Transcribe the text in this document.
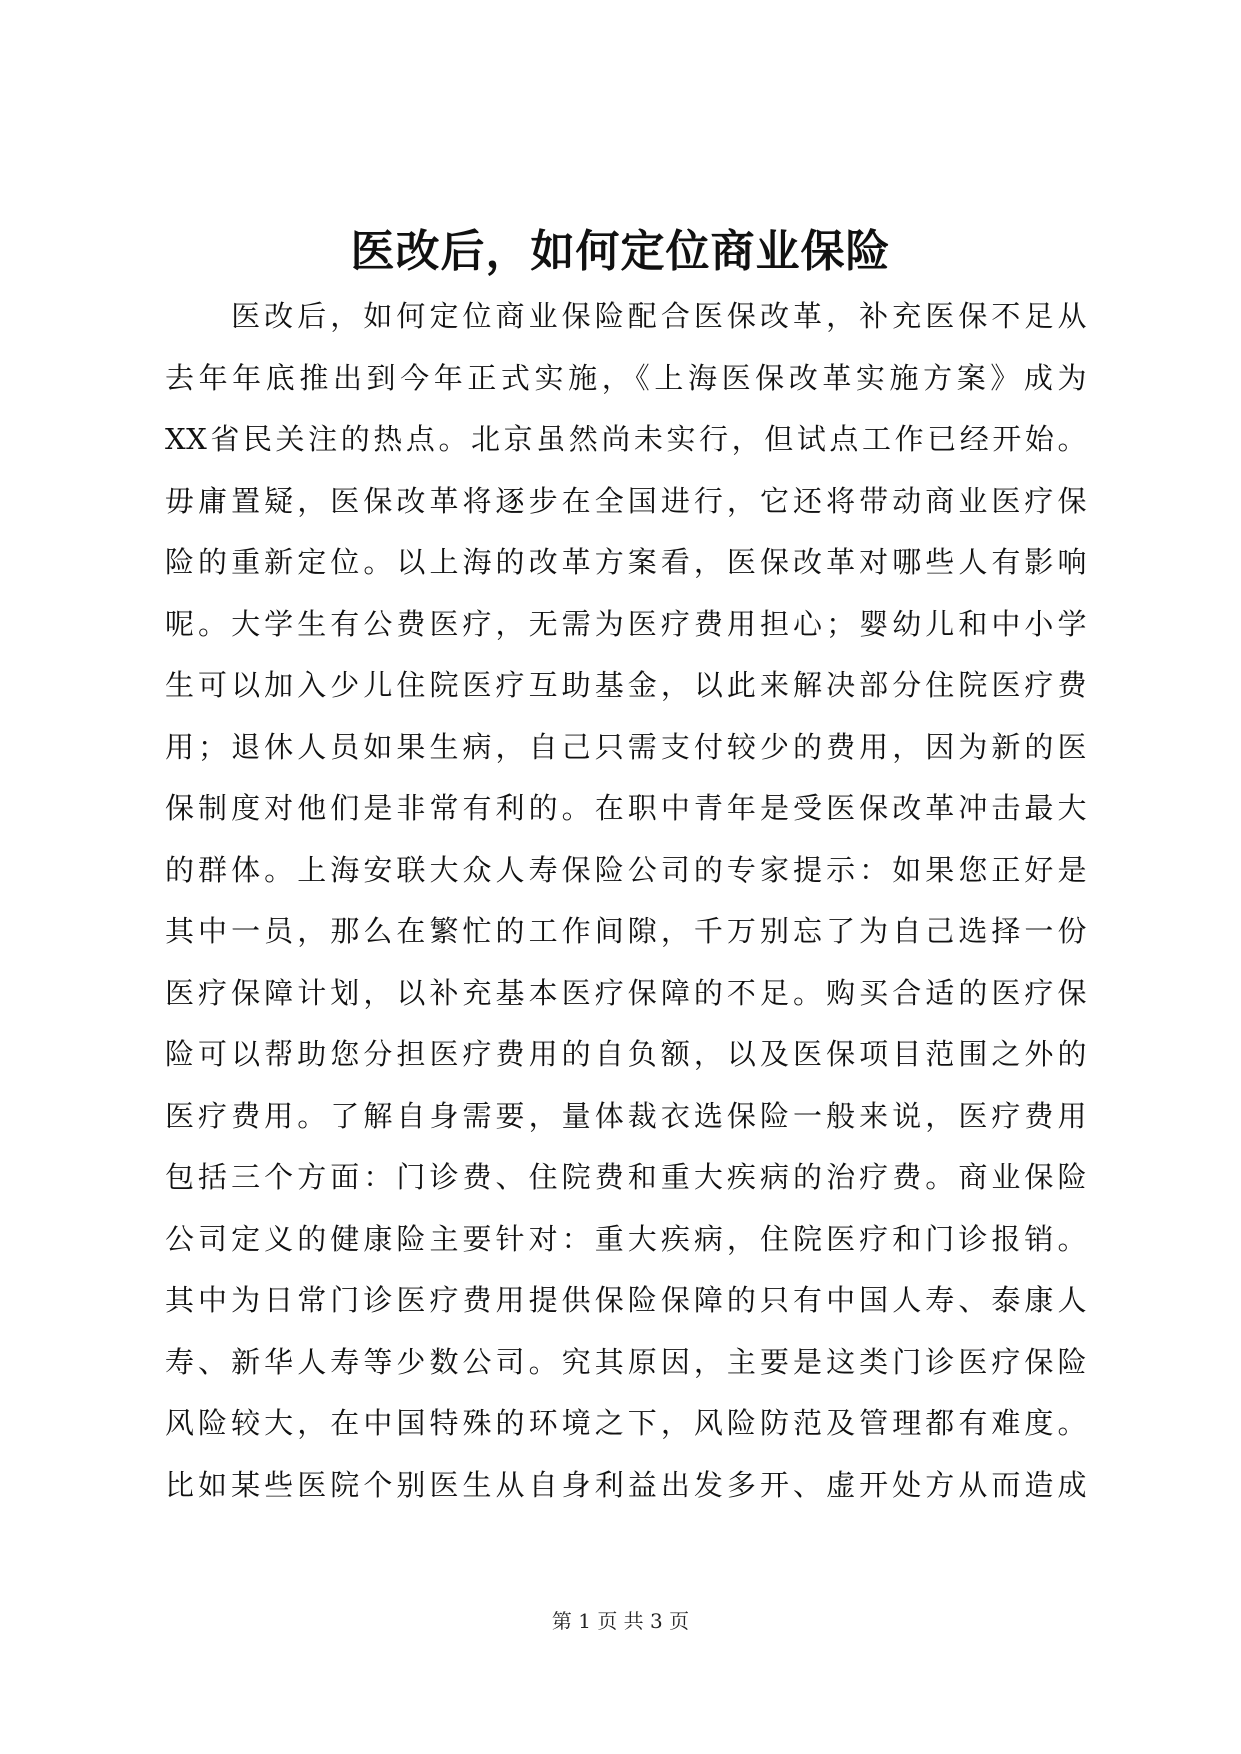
医改后，如何定位商业保险
　　医改后，如何定位商业保险配合医保改革，补充医保不足从
去年年底推出到今年正式实施，《上海医保改革实施方案》成为
XX省民关注的热点。北京虽然尚未实行，但试点工作已经开始。
毋庸置疑，医保改革将逐步在全国进行，它还将带动商业医疗保
险的重新定位。以上海的改革方案看，医保改革对哪些人有影响
呢。大学生有公费医疗，无需为医疗费用担心；婴幼儿和中小学
生可以加入少儿住院医疗互助基金，以此来解决部分住院医疗费
用；退休人员如果生病，自己只需支付较少的费用，因为新的医
保制度对他们是非常有利的。在职中青年是受医保改革冲击最大
的群体。上海安联大众人寿保险公司的专家提示：如果您正好是
其中一员，那么在繁忙的工作间隙，千万别忘了为自己选择一份
医疗保障计划，以补充基本医疗保障的不足。购买合适的医疗保
险可以帮助您分担医疗费用的自负额，以及医保项目范围之外的
医疗费用。了解自身需要，量体裁衣选保险一般来说，医疗费用
包括三个方面：门诊费、住院费和重大疾病的治疗费。商业保险
公司定义的健康险主要针对：重大疾病，住院医疗和门诊报销。
其中为日常门诊医疗费用提供保险保障的只有中国人寿、泰康人
寿、新华人寿等少数公司。究其原因，主要是这类门诊医疗保险
风险较大，在中国特殊的环境之下，风险防范及管理都有难度。
比如某些医院个别医生从自身利益出发多开、虚开处方从而造成
第 1 页 共 3 页
